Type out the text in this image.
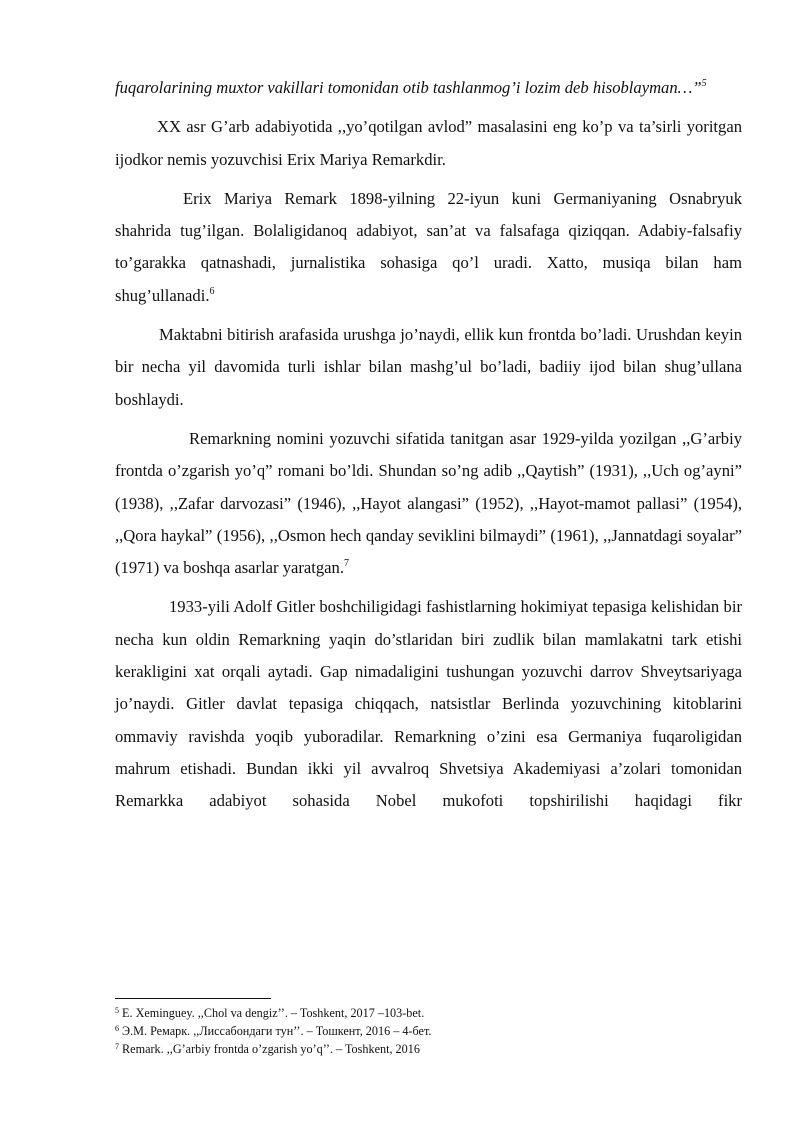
fuqarolarining muxtor vakillari tomonidan otib tashlanmog’i lozim deb hisoblayman…”$^5$

XX asr G’arb adabiyotida ,,yo’qotilgan avlod” masalasini eng ko’p va ta’sirli yoritgan ijodkor nemis yozuvchisi Erix Mariya Remarkdir.

Erix Mariya Remark 1898-yilning 22-iyun kuni Germaniyaning Osnabryuk shahrida tug’ilgan. Bolaligidanoq adabiyot, san’at va falsafaga qiziqqan. Adabiy-falsafiy to’garakka qatnashadi, jurnalistika sohasiga qo’l uradi. Xatto, musiqa bilan ham shug’ullanadi.$^6$

Maktabni bitirish arafasida urushga jo’naydi, ellik kun frontda bo’ladi. Urushdan keyin bir necha yil davomida turli ishlar bilan mashg’ul bo’ladi, badiiy ijod bilan shug’ullana boshlaydi.

Remarkning nomini yozuvchi sifatida tanitgan asar 1929-yilda yozilgan ,,G’arbiy frontda o’zgarish yo’q” romani bo’ldi. Shundan so’ng adib ,,Qaytish” (1931), ,,Uch og’ayni” (1938), ,,Zafar darvozasi” (1946), ,,Hayot alangasi” (1952), ,,Hayot-mamot pallasi” (1954), ,,Qora haykal” (1956), ,,Osmon hech qanday seviklini bilmaydi” (1961), ,,Jannatdagi soyalar” (1971) va boshqa asarlar yaratgan.$^7$

1933-yili Adolf Gitler boshchiligidagi fashistlarning hokimiyat tepasiga kelishidan bir necha kun oldin Remarkning yaqin do’stlaridan biri zudlik bilan mamlakatni tark etishi kerakligini xat orqali aytadi. Gap nimadaligini tushungan yozuvchi darrov Shveytsariyaga jo’naydi. Gitler davlat tepasiga chiqqach, natsistlar Berlinda yozuvchining kitoblarini ommaviy ravishda yoqib yuboradilar. Remarkning o’zini esa Germaniya fuqaroligidan mahrum etishadi. Bundan ikki yil avvalroq Shvetsiya Akademiyasi a’zolari tomonidan Remarkka adabiyot sohasida Nobel mukofoti topshirilishi haqidagi fikr

$^5$ E. Xeminguey. ,,Chol va dengiz’’. – Toshkent, 2017 –103-bet.
$^6$ Э.М. Ремарк. ,,Лиссабондаги тун’’. – Тошкент, 2016 – 4-бет.
$^7$ Remark. ,,G’arbiy frontda o’zgarish yo’q’’. – Toshkent, 2016
